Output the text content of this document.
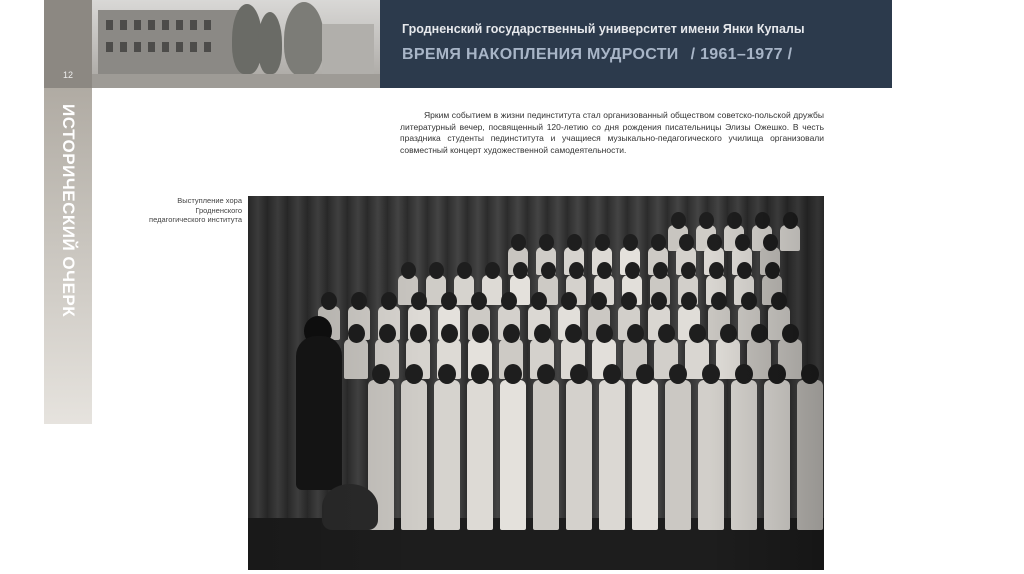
12
ИСТОРИЧЕСКИЙ ОЧЕРК
Гродненский государственный университет имени Янки Купалы
ВРЕМЯ НАКОПЛЕНИЯ МУДРОСТИ / 1961–1977 /
Ярким событием в жизни пединститута стал организованный обществом советско-польской дружбы литературный вечер, посвященный 120-летию со дня рождения писательницы Элизы Ожешко. В честь праздника студенты пединститута и учащиеся музыкально-педагогического училища организовали совместный концерт художественной самодеятельности.
Выступление хора Гродненского педагогического института
